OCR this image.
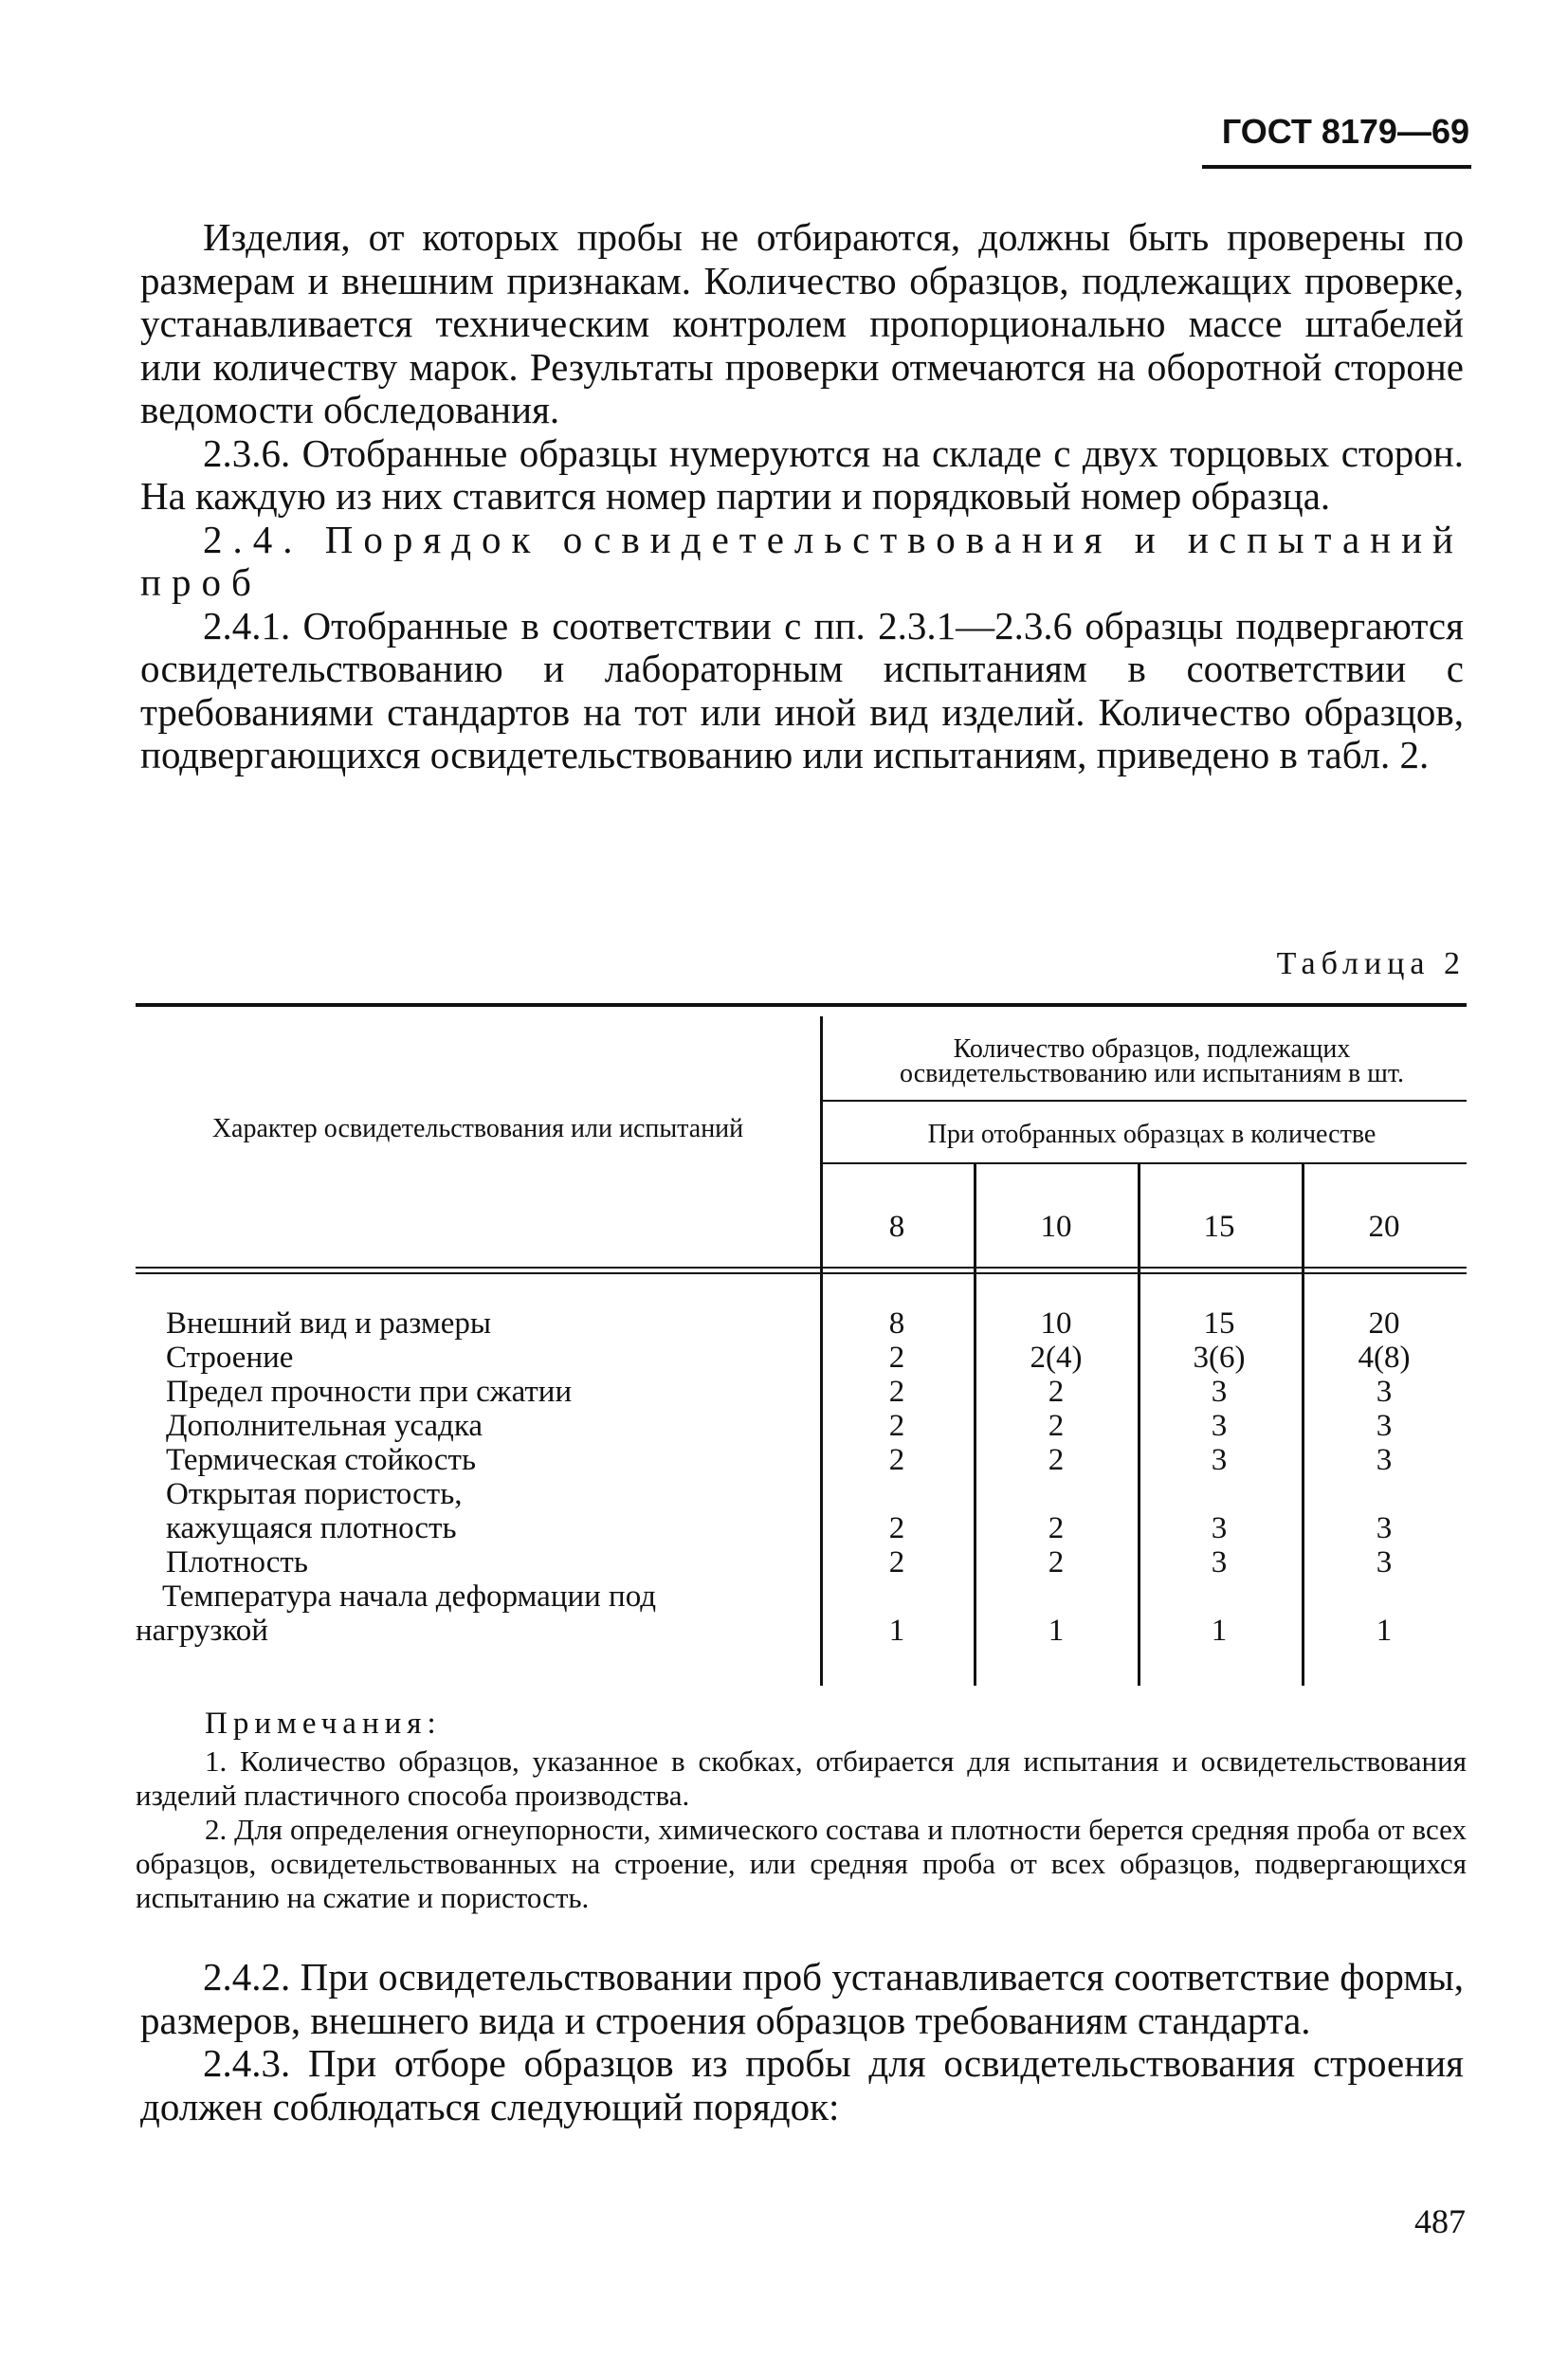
ГОСТ 8179—69

Изделия, от которых пробы не отбираются, должны быть проверены по размерам и внешним признакам. Количество образцов, подлежащих проверке, устанавливается техническим контролем пропорционально массе штабелей или количеству марок. Результаты проверки отмечаются на оборотной стороне ведомости обследования.

2.3.6. Отобранные образцы нумеруются на складе с двух торцовых сторон. На каждую из них ставится номер партии и порядковый номер образца.

2.4. Порядок освидетельствования и испытаний проб

2.4.1. Отобранные в соответствии с пп. 2.3.1—2.3.6 образцы подвергаются освидетельствованию и лабораторным испытаниям в соответствии с требованиями стандартов на тот или иной вид изделий. Количество образцов, подвергающихся освидетельствованию или испытаниям, приведено в табл. 2.

Таблица 2
Характер освидетельствования или испытаний
Количество образцов, подлежащих освидетельствованию или испытаниям в шт.
При отобранных образцах в количестве
8	10	15	20
Внешний вид и размеры	8	10	15	20
Строение	2	2(4)	3(6)	4(8)
Предел прочности при сжатии	2	2	3	3
Дополнительная усадка	2	2	3	3
Термическая стойкость	2	2	3	3
Открытая пористость,
кажущаяся плотность	2	2	3	3
Плотность	2	2	3	3
Температура начала деформации под
нагрузкой	1	1	1	1

Примечания:

1. Количество образцов, указанное в скобках, отбирается для испытания и освидетельствования изделий пластичного способа производства.

2. Для определения огнеупорности, химического состава и плотности берется средняя проба от всех образцов, освидетельствованных на строение, или средняя проба от всех образцов, подвергающихся испытанию на сжатие и пористость.

2.4.2. При освидетельствовании проб устанавливается соответствие формы, размеров, внешнего вида и строения образцов требованиям стандарта.

2.4.3. При отборе образцов из пробы для освидетельствования строения должен соблюдаться следующий порядок:

487
